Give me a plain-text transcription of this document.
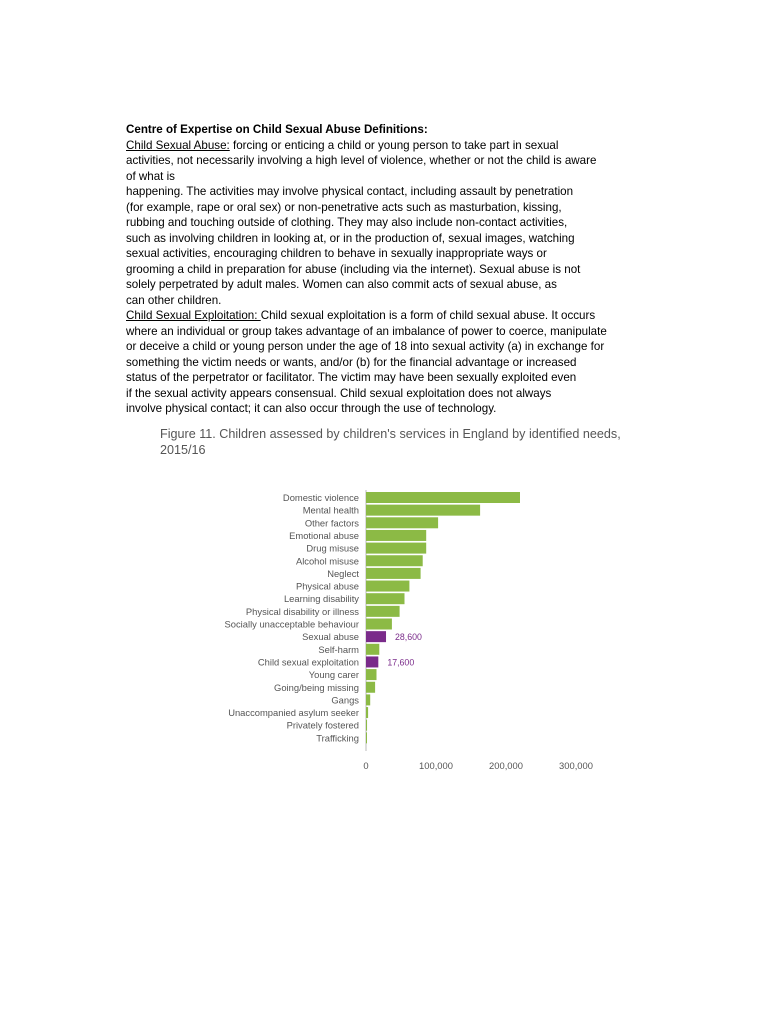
Centre of Expertise on Child Sexual Abuse Definitions:

Child Sexual Abuse: forcing or enticing a child or young person to take part in sexual

activities, not necessarily involving a high level of violence, whether or not the child is aware

of what is

happening. The activities may involve physical contact, including assault by penetration

(for example, rape or oral sex) or non-penetrative acts such as masturbation, kissing,

rubbing and touching outside of clothing. They may also include non-contact activities,

such as involving children in looking at, or in the production of, sexual images, watching

sexual activities, encouraging children to behave in sexually inappropriate ways or

grooming a child in preparation for abuse (including via the internet). Sexual abuse is not

solely perpetrated by adult males. Women can also commit acts of sexual abuse, as

can other children.

Child Sexual Exploitation: Child sexual exploitation is a form of child sexual abuse. It occurs

where an individual or group takes advantage of an imbalance of power to coerce, manipulate

or deceive a child or young person under the age of 18 into sexual activity (a) in exchange for

something the victim needs or wants, and/or (b) for the financial advantage or increased

status of the perpetrator or facilitator. The victim may have been sexually exploited even

if the sexual activity appears consensual. Child sexual exploitation does not always

involve physical contact; it can also occur through the use of technology.

Figure 11. Children assessed by children's services in England by identified needs,
2015/16
Domestic violence
Mental health
Other factors
Emotional abuse
Drug misuse
Alcohol misuse
Neglect
Physical abuse
Learning disability
Physical disability or illness
Socially unacceptable behaviour
Sexual abuse	28,600
Self-harm
Child sexual exploitation	17,600
Young carer
Going/being missing
Gangs
Unaccompanied asylum seeker
Privately fostered
Trafficking
0	100,000	200,000	300,000
